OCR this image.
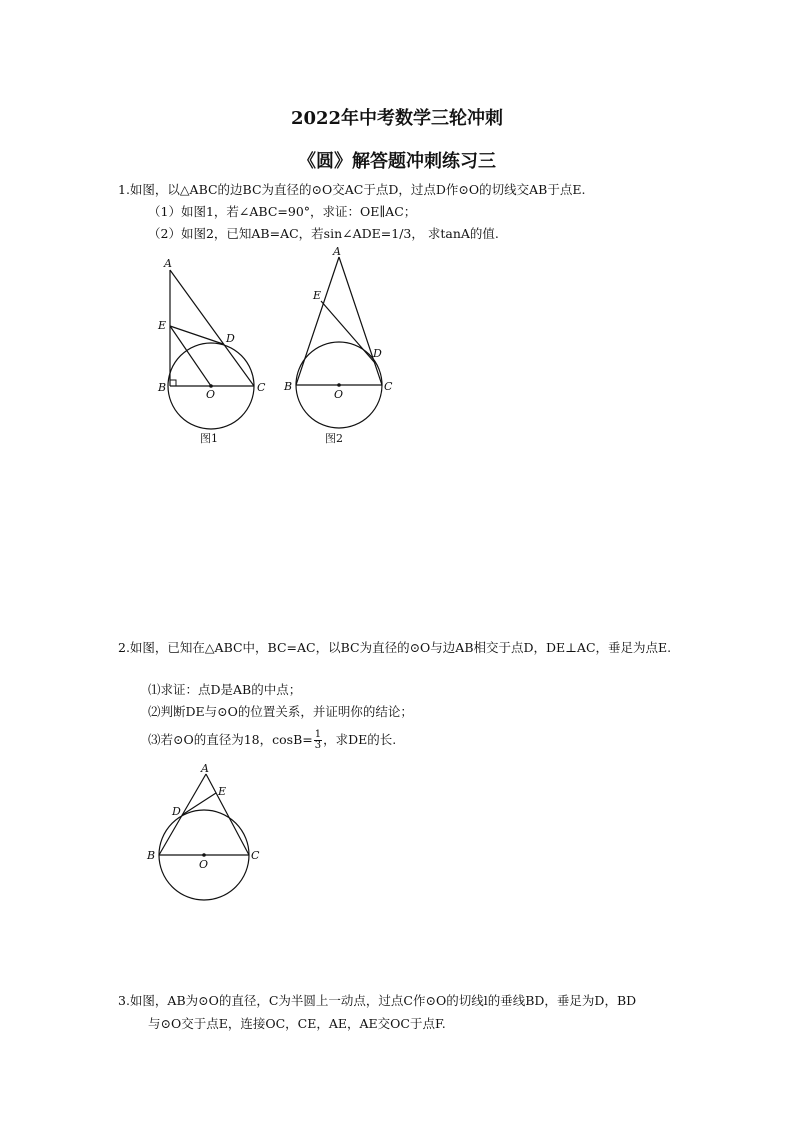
2022年中考数学三轮冲刺
《圆》解答题冲刺练习三
1.如图，以△ABC的边BC为直径的⊙O交AC于点D，过点D作⊙O的切线交AB于点E.
（1）如图1，若∠ABC=90°，求证：OE∥AC；
（2）如图2，已知AB=AC，若sin∠ADE=1/3， 求tanA的值.
A
E
D
B
O
C
图1
A
E
D
B
O
C
图2
2.如图，已知在△ABC中，BC=AC，以BC为直径的⊙O与边AB相交于点D，DE⊥AC，垂足为点E.
⑴求证：点D是AB的中点；
⑵判断DE与⊙O的位置关系，并证明你的结论；
⑶若⊙O的直径为18，$\cos B= \frac{1}{3}$ ，求DE的长.
A
E
D
B
O
C
3.如图，AB为⊙O的直径，C为半圆上一动点，过点C作⊙O的切线l的垂线BD，垂足为D，BD
与⊙O交于点E，连接OC，CE，AE，AE交OC于点F.
